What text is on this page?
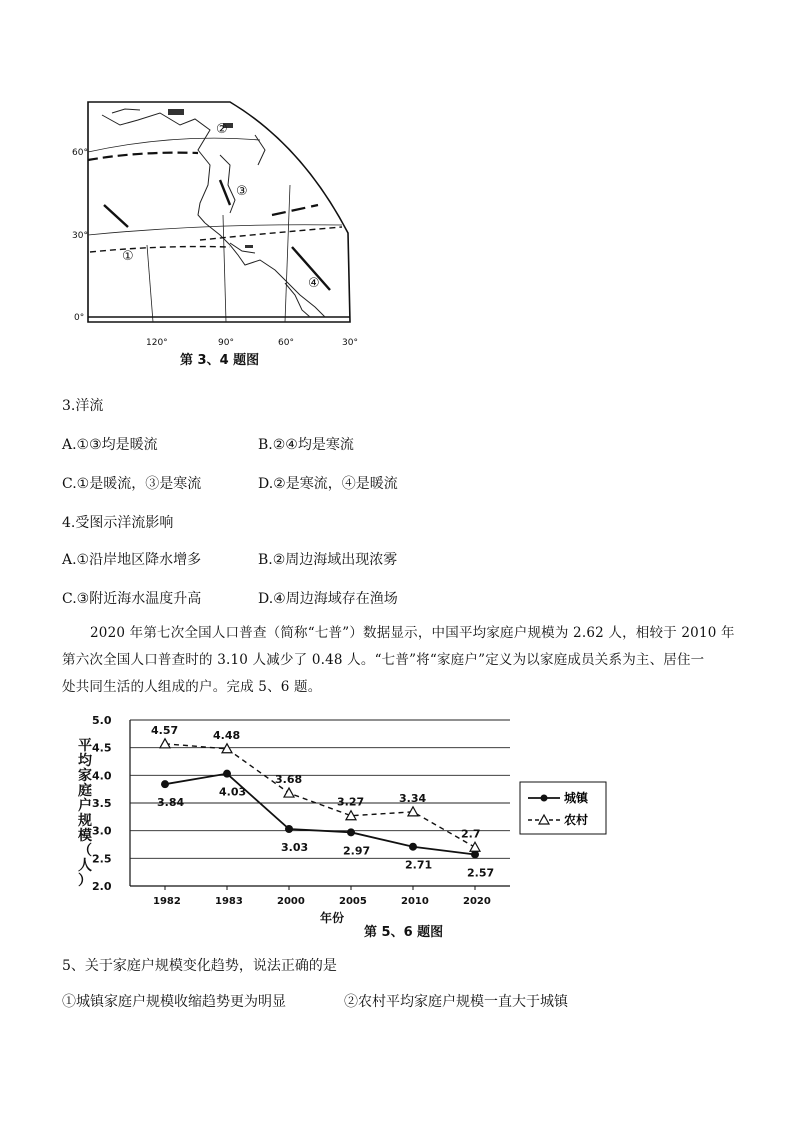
①
②
③
④
60°
30°
0°
120°	90°	60°	30°
第 3、4 题图
3.洋流
A.①③均是暖流	B.②④均是寒流
C.①是暖流，③是寒流	D.②是寒流，④是暖流
4.受图示洋流影响
A.①沿岸地区降水增多	B.②周边海域出现浓雾
C.③附近海水温度升高	D.④周边海域存在渔场
2020 年第七次全国人口普查（简称“七普”）数据显示，中国平均家庭户规模为 2.62 人，相较于 2010 年
第六次全国人口普查时的 3.10 人减少了 0.48 人。“七普”将“家庭户”定义为以家庭成员关系为主、居住一
处共同生活的人组成的户。完成 5、6 题。
5.0
4.5
4.0
3.5
3.0
2.5
2.0
1982	1983	2000	2005	2010	2020
3.84
4.03
3.03	2.97
2.71
2.57
4.57	4.48
3.68
3.27	3.34
2.7
平
均
家
庭
户
规
模
（
人
）
年份
城镇
农村
第 5、6 题图
5、关于家庭户规模变化趋势，说法正确的是
①城镇家庭户规模收缩趋势更为明显	②农村平均家庭户规模一直大于城镇
